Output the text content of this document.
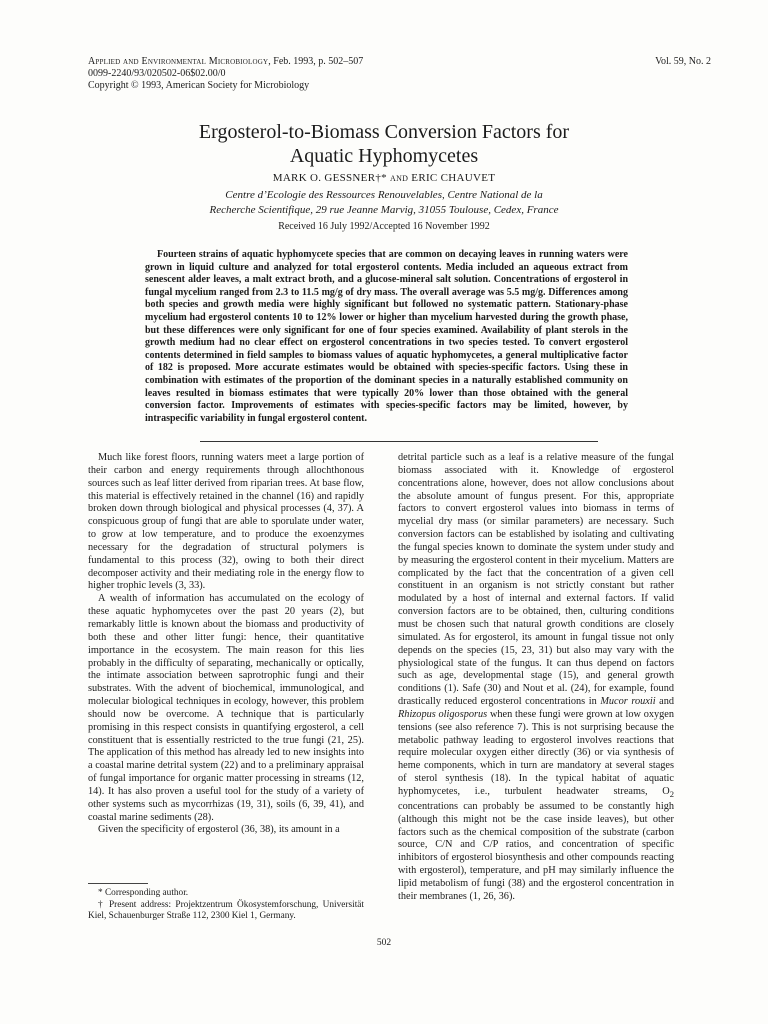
Applied and Environmental Microbiology, Feb. 1993, p. 502–507
0099-2240/93/020502-06$02.00/0
Copyright © 1993, American Society for Microbiology
Vol. 59, No. 2
Ergosterol-to-Biomass Conversion Factors for
Aquatic Hyphomycetes
MARK O. GESSNER†* and ERIC CHAUVET
Centre d’Ecologie des Ressources Renouvelables, Centre National de la
Recherche Scientifique, 29 rue Jeanne Marvig, 31055 Toulouse, Cedex, France
Received 16 July 1992/Accepted 16 November 1992
Fourteen strains of aquatic hyphomycete species that are common on decaying leaves in running waters were grown in liquid culture and analyzed for total ergosterol contents. Media included an aqueous extract from senescent alder leaves, a malt extract broth, and a glucose-mineral salt solution. Concentrations of ergosterol in fungal mycelium ranged from 2.3 to 11.5 mg/g of dry mass. The overall average was 5.5 mg/g. Differences among both species and growth media were highly significant but followed no systematic pattern. Stationary-phase mycelium had ergosterol contents 10 to 12% lower or higher than mycelium harvested during the growth phase, but these differences were only significant for one of four species examined. Availability of plant sterols in the growth medium had no clear effect on ergosterol concentrations in two species tested. To convert ergosterol contents determined in field samples to biomass values of aquatic hyphomycetes, a general multiplicative factor of 182 is proposed. More accurate estimates would be obtained with species-specific factors. Using these in combination with estimates of the proportion of the dominant species in a naturally established community on leaves resulted in biomass estimates that were typically 20% lower than those obtained with the general conversion factor. Improvements of estimates with species-specific factors may be limited, however, by intraspecific variability in fungal ergosterol content.

Much like forest floors, running waters meet a large portion of their carbon and energy requirements through allochthonous sources such as leaf litter derived from riparian trees. At base flow, this material is effectively retained in the channel (16) and rapidly broken down through biological and physical processes (4, 37). A conspicuous group of fungi that are able to sporulate under water, to grow at low temperature, and to produce the exoenzymes necessary for the degradation of structural polymers is fundamental to this process (32), owing to both their direct decomposer activity and their mediating role in the energy flow to higher trophic levels (3, 33).

A wealth of information has accumulated on the ecology of these aquatic hyphomycetes over the past 20 years (2), but remarkably little is known about the biomass and productivity of both these and other litter fungi: hence, their quantitative importance in the ecosystem. The main reason for this lies probably in the difficulty of separating, mechanically or optically, the intimate association between saprotrophic fungi and their substrates. With the advent of biochemical, immunological, and molecular biological techniques in ecology, however, this problem should now be overcome. A technique that is particularly promising in this respect consists in quantifying ergosterol, a cell constituent that is essentially restricted to the true fungi (21, 25). The application of this method has already led to new insights into a coastal marine detrital system (22) and to a preliminary appraisal of fungal importance for organic matter processing in streams (12, 14). It has also proven a useful tool for the study of a variety of other systems such as mycorrhizas (19, 31), soils (6, 39, 41), and coastal marine sediments (28).

Given the specificity of ergosterol (36, 38), its amount in a

detrital particle such as a leaf is a relative measure of the fungal biomass associated with it. Knowledge of ergosterol concentrations alone, however, does not allow conclusions about the absolute amount of fungus present. For this, appropriate factors to convert ergosterol values into biomass in terms of mycelial dry mass (or similar parameters) are necessary. Such conversion factors can be established by isolating and cultivating the fungal species known to dominate the system under study and by measuring the ergosterol content in their mycelium. Matters are complicated by the fact that the concentration of a given cell constituent in an organism is not strictly constant but rather modulated by a host of internal and external factors. If valid conversion factors are to be obtained, then, culturing conditions must be chosen such that natural growth conditions are closely simulated. As for ergosterol, its amount in fungal tissue not only depends on the species (15, 23, 31) but also may vary with the physiological state of the fungus. It can thus depend on factors such as age, developmental stage (15), and general growth conditions (1). Safe (30) and Nout et al. (24), for example, found drastically reduced ergosterol concentrations in Mucor rouxii and Rhizopus oligosporus when these fungi were grown at low oxygen tensions (see also reference 7). This is not surprising because the metabolic pathway leading to ergosterol involves reactions that require molecular oxygen either directly (36) or via synthesis of heme components, which in turn are mandatory at several stages of sterol synthesis (18). In the typical habitat of aquatic hyphomycetes, i.e., turbulent headwater streams, $O_2$ concentrations can probably be assumed to be constantly high (although this might not be the case inside leaves), but other factors such as the chemical composition of the substrate (carbon source, C/N and C/P ratios, and concentration of specific inhibitors of ergosterol biosynthesis and other compounds reacting with ergosterol), temperature, and pH may similarly influence the lipid metabolism of fungi (38) and the ergosterol concentration in their membranes (1, 26, 36).

* Corresponding author.

† Present address: Projektzentrum Ökosystemforschung, Universität Kiel, Schauenburger Straße 112, 2300 Kiel 1, Germany.

502
